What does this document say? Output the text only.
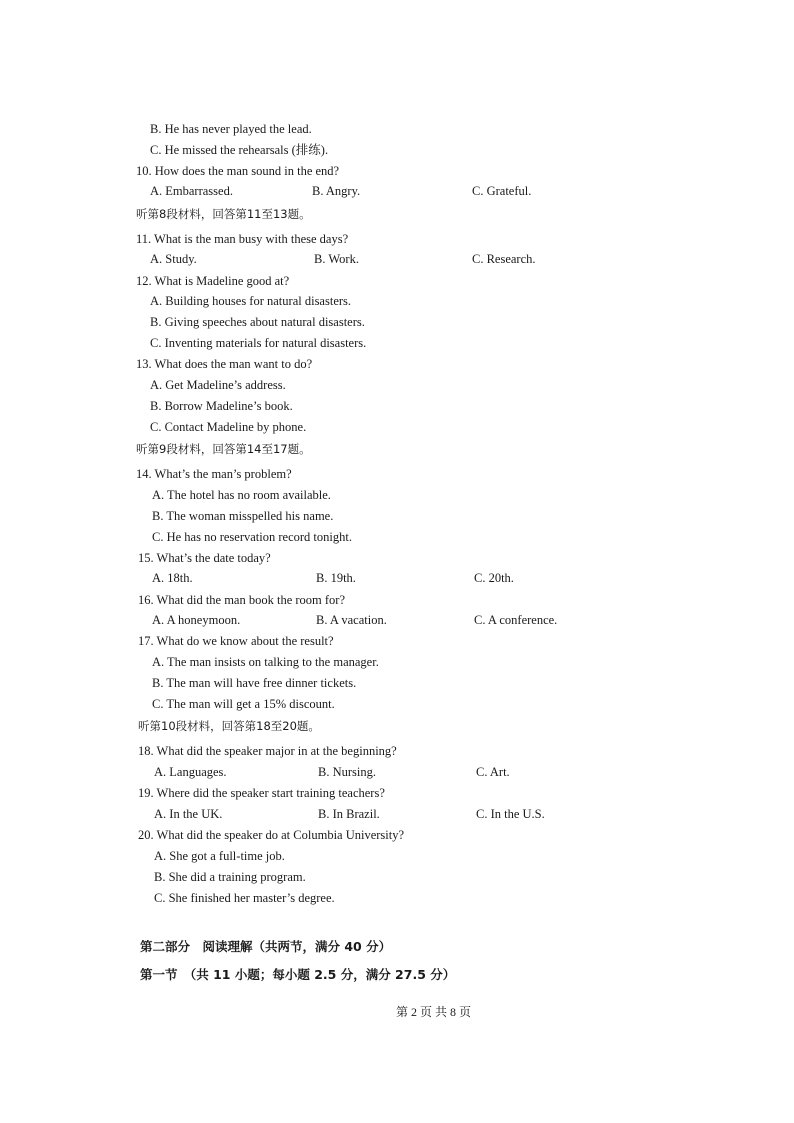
B. He has never played the lead.
C. He missed the rehearsals (排练).
10. How does the man sound in the end?
A. Embarrassed.	B. Angry.	C. Grateful.
听第8段材料，回答第11至13题。
11. What is the man busy with these days?
A. Study.	B. Work.	C. Research.
12. What is Madeline good at?
A. Building houses for natural disasters.
B. Giving speeches about natural disasters.
C. Inventing materials for natural disasters.
13. What does the man want to do?
A. Get Madeline’s address.
B. Borrow Madeline’s book.
C. Contact Madeline by phone.
听第9段材料，回答第14至17题。
14. What’s the man’s problem?
A. The hotel has no room available.
B. The woman misspelled his name.
C. He has no reservation record tonight.
15. What’s the date today?
A. 18th.	B. 19th.	C. 20th.
16. What did the man book the room for?
A. A honeymoon.	B. A vacation.	C. A conference.
17. What do we know about the result?
A. The man insists on talking to the manager.
B. The man will have free dinner tickets.
C. The man will get a 15% discount.
听第10段材料，回答第18至20题。
18. What did the speaker major in at the beginning?
A. Languages.	B. Nursing.	C. Art.
19. Where did the speaker start training teachers?
A. In the UK.	B. In Brazil.	C. In the U.S.
20. What did the speaker do at Columbia University?
A. She got a full-time job.
B. She did a training program.
C. She finished her master’s degree.
第二部分　阅读理解（共两节，满分 40 分）
第一节　（共 11 小题；每小题 2.5 分，满分 27.5 分）
第 2 页 共 8 页
